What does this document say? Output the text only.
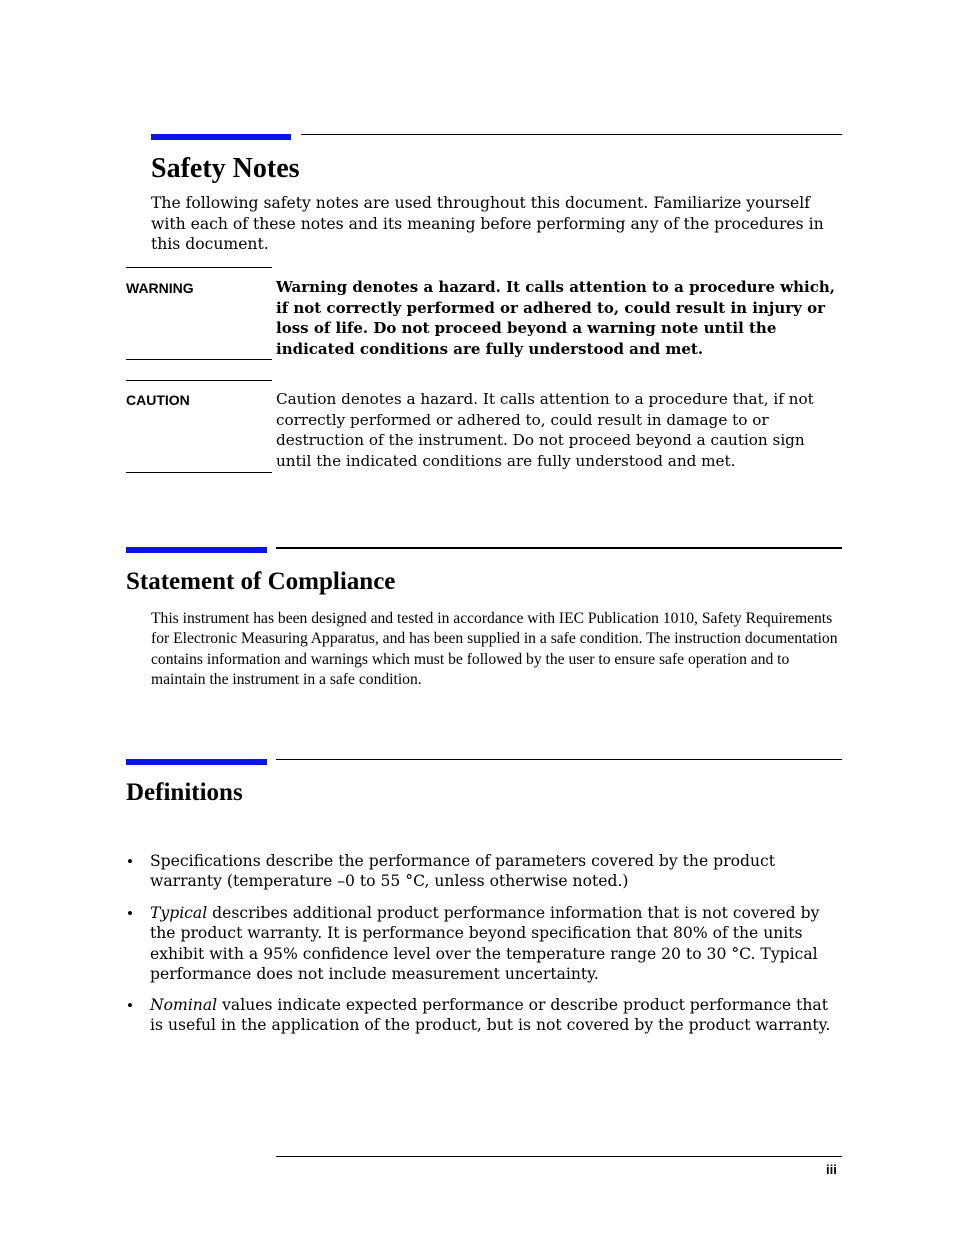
Safety Notes
The following safety notes are used throughout this document. Familiarize yourself with each of these notes and its meaning before performing any of the procedures in this document.
WARNING	Warning denotes a hazard. It calls attention to a procedure which, if not correctly performed or adhered to, could result in injury or loss of life. Do not proceed beyond a warning note until the indicated conditions are fully understood and met.
CAUTION	Caution denotes a hazard. It calls attention to a procedure that, if not correctly performed or adhered to, could result in damage to or destruction of the instrument. Do not proceed beyond a caution sign until the indicated conditions are fully understood and met.
Statement of Compliance
This instrument has been designed and tested in accordance with IEC Publication 1010, Safety Requirements for Electronic Measuring Apparatus, and has been supplied in a safe condition. The instruction documentation contains information and warnings which must be followed by the user to ensure safe operation and to maintain the instrument in a safe condition.
Definitions
• Specifications describe the performance of parameters covered by the product warranty (temperature –0 to 55 °C, unless otherwise noted.)
• Typical describes additional product performance information that is not covered by the product warranty. It is performance beyond specification that 80% of the units exhibit with a 95% confidence level over the temperature range 20 to 30 °C. Typical performance does not include measurement uncertainty.
• Nominal values indicate expected performance or describe product performance that is useful in the application of the product, but is not covered by the product warranty.
iii
